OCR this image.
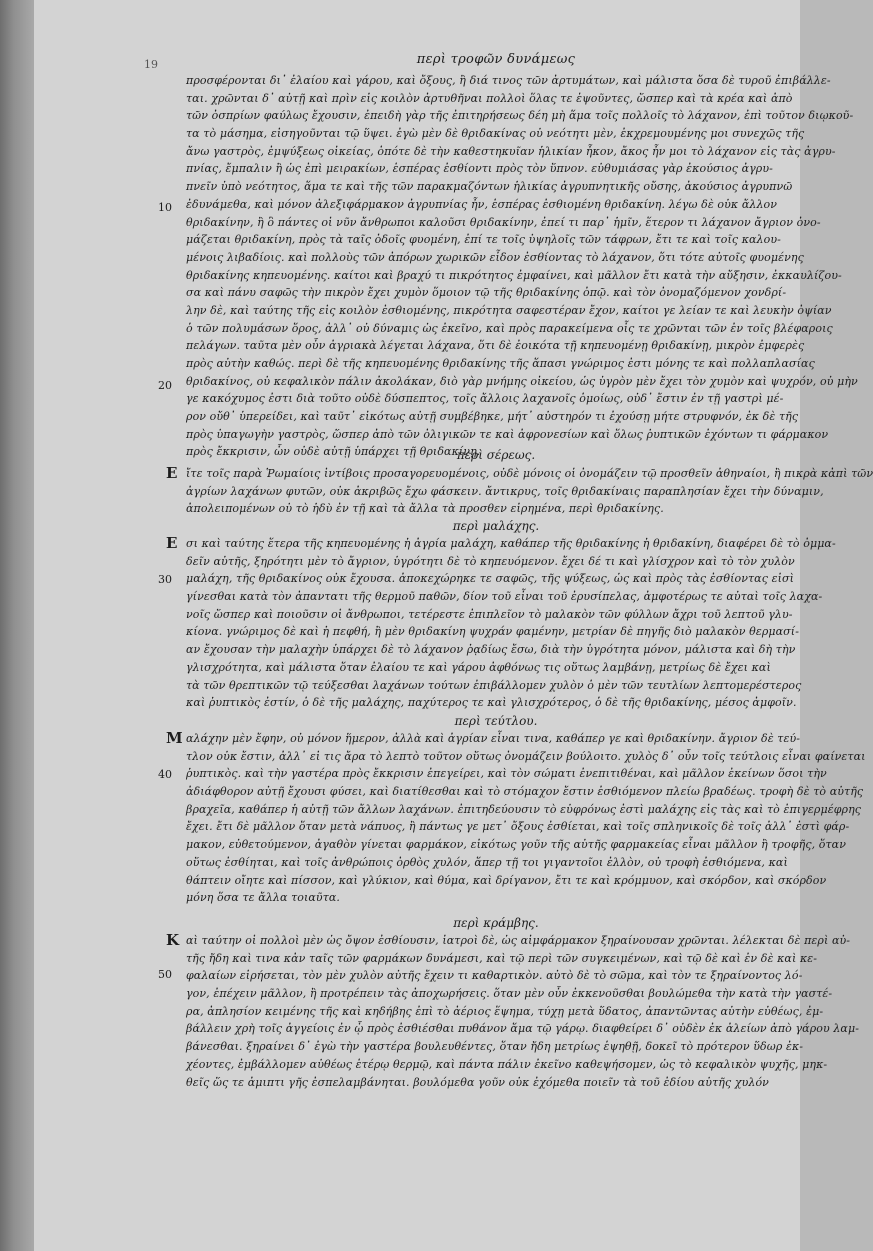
19	περὶ τροφῶν δυνάμεως
10
20
30
40
50
προσφέρονται δι᾽ ἐλαίου καὶ γάρου, καὶ ὄξους, ἢ διά τινος τῶν ἀρτυμάτων, καὶ μάλιστα ὅσα δὲ τυροῦ ἐπιβάλλε-
ται. χρῶνται δ᾽ αὐτῇ καὶ πρὶν εἰς κοιλὸν ἀρτυθῆναι πολλοὶ ὅλας τε ἑψοῦντες, ὥσπερ καὶ τὰ κρέα καὶ ἀπὸ
τῶν ὀσπρίων φαύλως ἔχουσιν, ἐπειδὴ γὰρ τῆς ἐπιτηρήσεως δέη μὴ ἅμα τοῖς πολλοῖς τὸ λάχανον, ἐπὶ τοῦτον διῳκοῦ-
τα τὸ μάσημα, εἰσηγοῦνται τῷ ὕψει. ἐγὼ μὲν δὲ θριδακίνας οὐ νεότητι μὲν, ἐκχρεμουμένης μοι συνεχῶς τῆς
ἄνω γαστρὸς, ἐμψύξεως οἰκείας, ὁπότε δὲ τὴν καθεστηκυῖαν ἡλικίαν ἦκον, ἄκος ἦν μοι τὸ λάχανον εἰς τὰς ἀγρυ-
πνίας, ἔμπαλιν ἢ ὡς ἐπὶ μειρακίων, ἑσπέρας ἐσθίοντι πρὸς τὸν ὕπνον. εὐθυμιάσας γὰρ ἐκούσιος ἀγρυ-
πνεῖν ὑπὸ νεότητος, ἅμα τε καὶ τῆς τῶν παρακμαζόντων ἡλικίας ἀγρυπνητικῆς οὔσης, ἀκούσιος ἀγρυπνῶ
ἐδυνάμεθα, καὶ μόνον ἀλεξιφάρμακον ἀγρυπνίας ἦν, ἑσπέρας ἐσθιομένη θριδακίνη. λέγω δὲ οὐκ ἄλλον
θριδακίνην, ἢ ὃ πάντες οἱ νῦν ἄνθρωποι καλοῦσι θριδακίνην, ἐπεί τι παρ᾽ ἡμῖν, ἕτερον τι λάχανον ἄγριον ὀνο-
μάζεται θριδακίνη, πρὸς τὰ ταῖς ὁδοῖς φυομένη, ἐπί τε τοῖς ὑψηλοῖς τῶν τάφρων, ἔτι τε καὶ τοῖς καλου-
μένοις λιβαδίοις. καὶ πολλοὺς τῶν ἀπόρων χωρικῶν εἶδον ἐσθίοντας τὸ λάχανον, ὅτι τότε αὐτοῖς φυομένης
θριδακίνης κηπευομένης. καίτοι καὶ βραχύ τι πικρότητος ἐμφαίνει, καὶ μᾶλλον ἔτι κατὰ τὴν αὔξησιν, ἐκκαυλίζου-
σα καὶ πάνυ σαφῶς τὴν πικρὸν ἔχει χυμὸν ὅμοιον τῷ τῆς θριδακίνης ὀπῷ. καὶ τὸν ὀνομαζόμενον χονδρί-
λην δὲ, καὶ ταύτης τῆς εἰς κοιλὸν ἐσθιομένης, πικρότητα σαφεστέραν ἔχον, καίτοι γε λείαν τε καὶ λευκὴν ὀψίαν
ὁ τῶν πολυμάσων ὅρος, ἀλλ᾽ οὐ δύναμις ὡς ἐκεῖνο, καὶ πρὸς παρακείμενα οἷς τε χρῶνται τῶν ἐν τοῖς βλέφαροις
πελάγων. ταῦτα μὲν οὖν ἀγριακὰ λέγεται λάχανα, ὅτι δὲ ἐοικότα τῇ κηπευομένῃ θριδακίνῃ, μικρὸν ἐμφερὲς
πρὸς αὐτὴν καθώς. περὶ δὲ τῆς κηπευομένης θριδακίνης τῆς ἅπασι γνώριμος ἐστι μόνης τε καὶ πολλαπλασίας
θριδακίνος, οὐ κεφαλικὸν πάλιν ἀκολάκαν, διὸ γὰρ μνήμης οἰκείου, ὡς ὑγρὸν μὲν ἔχει τὸν χυμὸν καὶ ψυχρόν, οὐ μὴν
γε κακόχυμος ἐστι διὰ τοῦτο οὐδὲ δύσπεπτος, τοῖς ἄλλοις λαχανοῖς ὁμοίως, οὐδ᾽ ἔστιν ἐν τῇ γαστρὶ μέ-
ρον οὔθ᾽ ὑπερείδει, καὶ ταῦτ᾽ εἰκότως αὐτῇ συμβέβηκε, μήτ᾽ αὐστηρόν τι ἐχούσῃ μήτε στρυφνόν, ἐκ δὲ τῆς
πρὸς ὑπαγωγὴν γαστρὸς, ὥσπερ ἀπὸ τῶν ὀλιγικῶν τε καὶ ἀφρονεσίων καὶ ὅλως ῥυπτικῶν ἐχόντων τι φάρμακον
πρὸς ἔκκρισιν, ὧν οὐδὲ αὐτῇ ὑπάρχει τῇ θριδακίνῃ.
περὶ σέρεως.
Ε ἴτε τοῖς παρὰ Ῥωμαίοις ἰντίβοις προσαγορευομένοις, οὐδὲ μόνοις οἱ ὀνομάζειν τῷ προσθεῖν ἀθηναίοι, ἢ πικρὰ κἀπὶ τῶν
ἀγρίων λαχάνων φυτῶν, οὐκ ἀκριβῶς ἔχω φάσκειν. ἄντικρυς, τοῖς θριδακίναις παραπλησίαν ἔχει τὴν δύναμιν,
ἀπολειπομένων οὐ τὸ ἡδὺ ἐν τῇ καὶ τὰ ἄλλα τὰ προσθεν εἰρημένα, περὶ θριδακίνης.
περὶ μαλάχης.
Ε σι καὶ ταύτης ἕτερα τῆς κηπευομένης ἡ ἀγρία μαλάχη, καθάπερ τῆς θριδακίνης ἡ θριδακίνη, διαφέρει δὲ τὸ ὀμμα-
δεῖν αὐτῆς, ξηρότητι μὲν τὸ ἄγριον, ὑγρότητι δὲ τὸ κηπευόμενον. ἔχει δέ τι καὶ γλίσχρον καὶ τὸ τὸν χυλὸν
μαλάχη, τῆς θριδακίνος οὐκ ἔχουσα. ἀποκεχώρηκε τε σαφῶς, τῆς ψύξεως, ὡς καὶ πρὸς τὰς ἐσθίοντας εἰσὶ
γίνεσθαι κατὰ τὸν ἀπαντατι τῆς θερμοῦ παθῶν, δίον τοῦ εἶναι τοῦ ἐρυσίπελας, ἀμφοτέρως τε αὐταὶ τοῖς λαχα-
νοῖς ὥσπερ καὶ ποιοῦσιν οἱ ἄνθρωποι, τετέρεστε ἐπιπλεῖον τὸ μαλακὸν τῶν φύλλων ἄχρι τοῦ λεπτοῦ γλυ-
κίονα. γνώριμος δὲ καὶ ἡ πεφθή, ἢ μὲν θριδακίνη ψυχράν φαμένην, μετρίαν δὲ πηγῆς διὸ μαλακὸν θερμασί-
αν ἔχουσαν τὴν μαλαχὴν ὑπάρχει δὲ τὸ λάχανον ῥᾳδίως ἔσω, διὰ τὴν ὑγρότητα μόνον, μάλιστα καὶ δὴ τὴν
γλισχρότητα, καὶ μάλιστα ὅταν ἐλαίου τε καὶ γάρου ἀφθόνως τις οὕτως λαμβάνῃ, μετρίως δὲ ἔχει καὶ
τὰ τῶν θρεπτικῶν τῷ τεύξεσθαι λαχάνων τούτων ἐπιβάλλομεν χυλὸν ὁ μὲν τῶν τευτλίων λεπτομερέστερος
καὶ ῥυπτικὸς ἐστίν, ὁ δὲ τῆς μαλάχης, παχύτερος τε καὶ γλισχρότερος, ὁ δὲ τῆς θριδακίνης, μέσος ἀμφοῖν.
περὶ τεύτλου.
Μ αλάχην μὲν ἔφην, οὐ μόνον ἥμερον, ἀλλὰ καὶ ἀγρίαν εἶναι τινα, καθάπερ γε καὶ θριδακίνην. ἄγριον δὲ τεύ-
τλον οὐκ ἔστιν, ἀλλ᾽ εἰ τις ἄρα τὸ λεπτὸ τοῦτον οὕτως ὀνομάζειν βούλοιτο. χυλὸς δ᾽ οὖν τοῖς τεύτλοις εἶναι φαίνεται
ῥυπτικὸς. καὶ τὴν γαστέρα πρὸς ἔκκρισιν ἐπεγείρει, καὶ τὸν σώματι ἐνεπιτιθέναι, καὶ μᾶλλον ἐκείνων ὅσοι τὴν
ἀδιάφθορον αὐτῇ ἔχουσι φύσει, καὶ διατίθεσθαι καὶ τὸ στόμαχον ἔστιν ἐσθιόμενον πλείω βραδέως. τροφὴ δὲ τὸ αὐτῆς
βραχεῖα, καθάπερ ἡ αὐτῇ τῶν ἄλλων λαχάνων. ἐπιτηδεύουσιν τὸ εὐφρόνως ἐστὶ μαλάχης εἰς τὰς καὶ τὸ ἐπιγερμέφρης
ἔχει. ἔτι δὲ μᾶλλον ὅταν μετὰ νάπυος, ἢ πάντως γε μετ᾽ ὄξους ἐσθίεται, καὶ τοῖς σπληνικοῖς δὲ τοῖς ἀλλ᾽ ἐστὶ φάρ-
μακον, εὐθετούμενον, ἀγαθὸν γίνεται φαρμάκον, εἰκότως γοῦν τῆς αὐτῆς φαρμακείας εἶναι μᾶλλον ἢ τροφῆς, ὅταν
οὕτως ἐσθίηται, καὶ τοῖς ἀνθρώποις ὀρθὸς χυλόν, ἅπερ τῇ τοι γιγαντοῖοι ἐλλὸν, οὐ τροφὴ ἐσθιόμενα, καὶ
θάπτειν οἴητε καὶ πίσσον, καὶ γλύκιον, καὶ θύμα, καὶ δρίγανον, ἔτι τε καὶ κρόμμυον, καὶ σκόρδον, καὶ σκόρδον
μόνη ὅσα τε ἄλλα τοιαῦτα.
περὶ κράμβης.
Κ αὶ ταύτην οἱ πολλοὶ μὲν ὡς ὄψον ἐσθίουσιν, ἰατροὶ δὲ, ὡς αἰμφάρμακον ξηραίνουσαν χρῶνται. λέλεκται δὲ περὶ αὐ-
τῆς ἤδη καὶ τινα κἀν ταῖς τῶν φαρμάκων δυνάμεσι, καὶ τῷ περὶ τῶν συγκειμένων, καὶ τῷ δὲ καὶ ἐν δὲ καὶ κε-
φαλαίων εἰρήσεται, τὸν μὲν χυλὸν αὐτῆς ἔχειν τι καθαρτικὸν. αὐτὸ δὲ τὸ σῶμα, καὶ τὸν τε ξηραίνοντος λό-
γον, ἐπέχειν μᾶλλον, ἢ προτρέπειν τὰς ἀποχωρήσεις. ὅταν μὲν οὖν ἐκκενοῦσθαι βουλώμεθα τὴν κατὰ τὴν γαστέ-
ρα, ἀπλησίον κειμένης τῆς καὶ κηδήβης ἐπὶ τὸ ἀέριος ἕψημα, τύχῃ μετὰ ὕδατος, ἀπαντῶντας αὐτὴν εὐθέως, ἐμ-
βάλλειν χρὴ τοῖς ἀγγείοις ἐν ᾧ πρὸς ἐσθιέσθαι πυθάνον ἅμα τῷ γάρῳ. διαφθείρει δ᾽ οὐδὲν ἐκ ἀλείων ἀπὸ γάρου λαμ-
βάνεσθαι. ξηραίνει δ᾽ ἐγὼ τὴν γαστέρα βουλευθέντες, ὅταν ἤδη μετρίως ἑψηθῇ, δοκεῖ τὸ πρότερον ὕδωρ ἐκ-
χέοντες, ἐμβάλλομεν αὐθέως ἑτέρῳ θερμῷ, καὶ πάντα πάλιν ἐκεῖνο καθεψήσομεν, ὡς τὸ κεφαλικὸν ψυχῆς, μηκ-
θεῖς ὥς τε ἀμιπτι γῆς ἐσπελαμβάνηται. βουλόμεθα γοῦν οὐκ ἐχόμεθα ποιεῖν τὰ τοῦ ἐδίου αὐτῆς χυλόν
